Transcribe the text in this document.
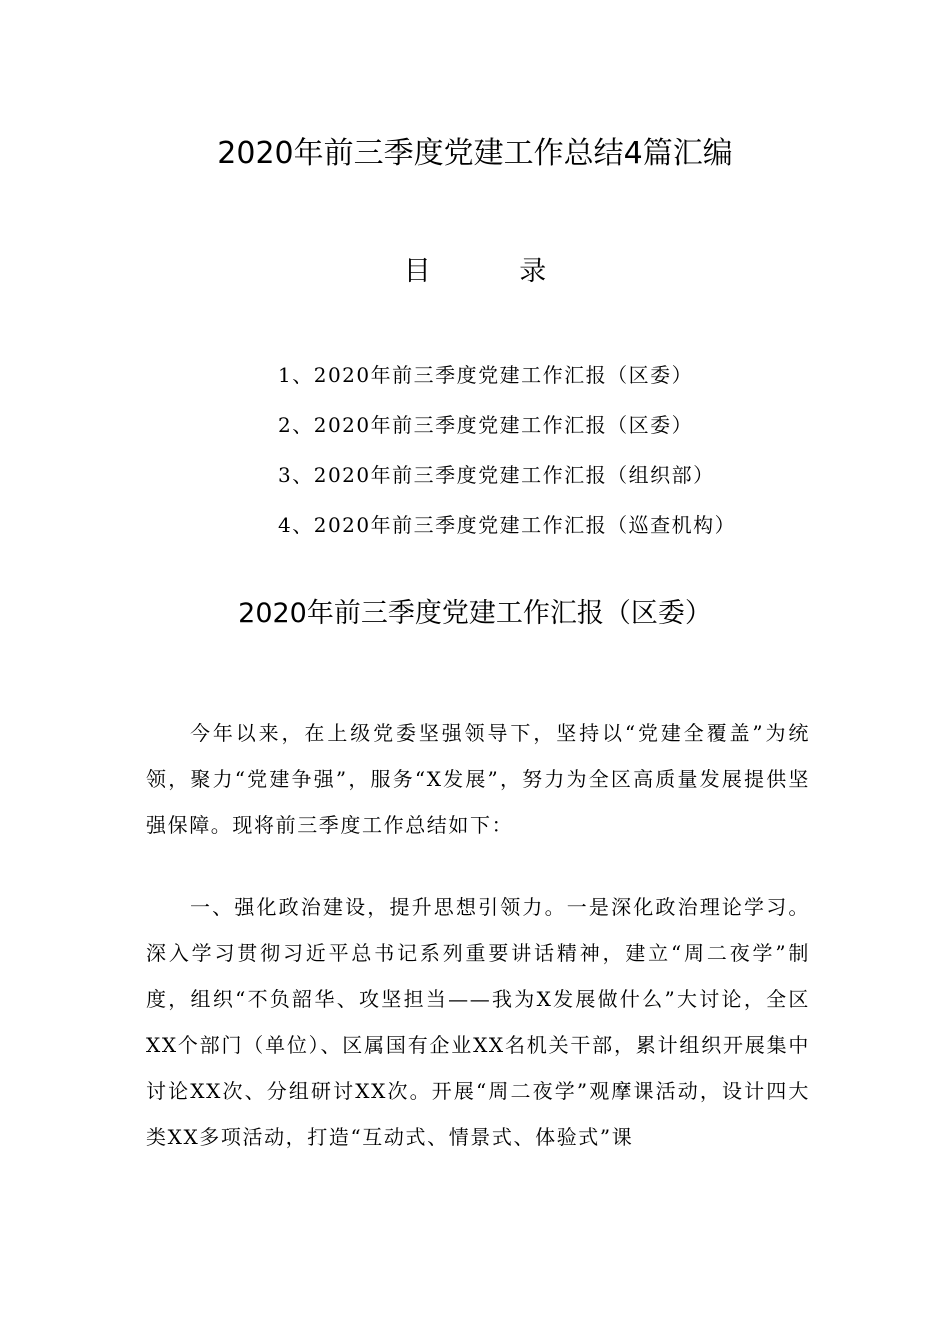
2020年前三季度党建工作总结4篇汇编
目 录
1、2020年前三季度党建工作汇报（区委）
2、2020年前三季度党建工作汇报（区委）
3、2020年前三季度党建工作汇报（组织部）
4、2020年前三季度党建工作汇报（巡查机构）
2020年前三季度党建工作汇报（区委）

今年以来，在上级党委坚强领导下，坚持以“党建全覆盖”为统领，聚力“党建争强”，服务“X发展”，努力为全区高质量发展提供坚强保障。现将前三季度工作总结如下：

一、强化政治建设，提升思想引领力。一是深化政治理论学习。深入学习贯彻习近平总书记系列重要讲话精神，建立“周二夜学”制度，组织“不负韶华、攻坚担当——我为X发展做什么”大讨论，全区XX个部门（单位）、区属国有企业XX名机关干部，累计组织开展集中讨论XX次、分组研讨XX次。开展“周二夜学”观摩课活动，设计四大类XX多项活动，打造“互动式、情景式、体验式”课
